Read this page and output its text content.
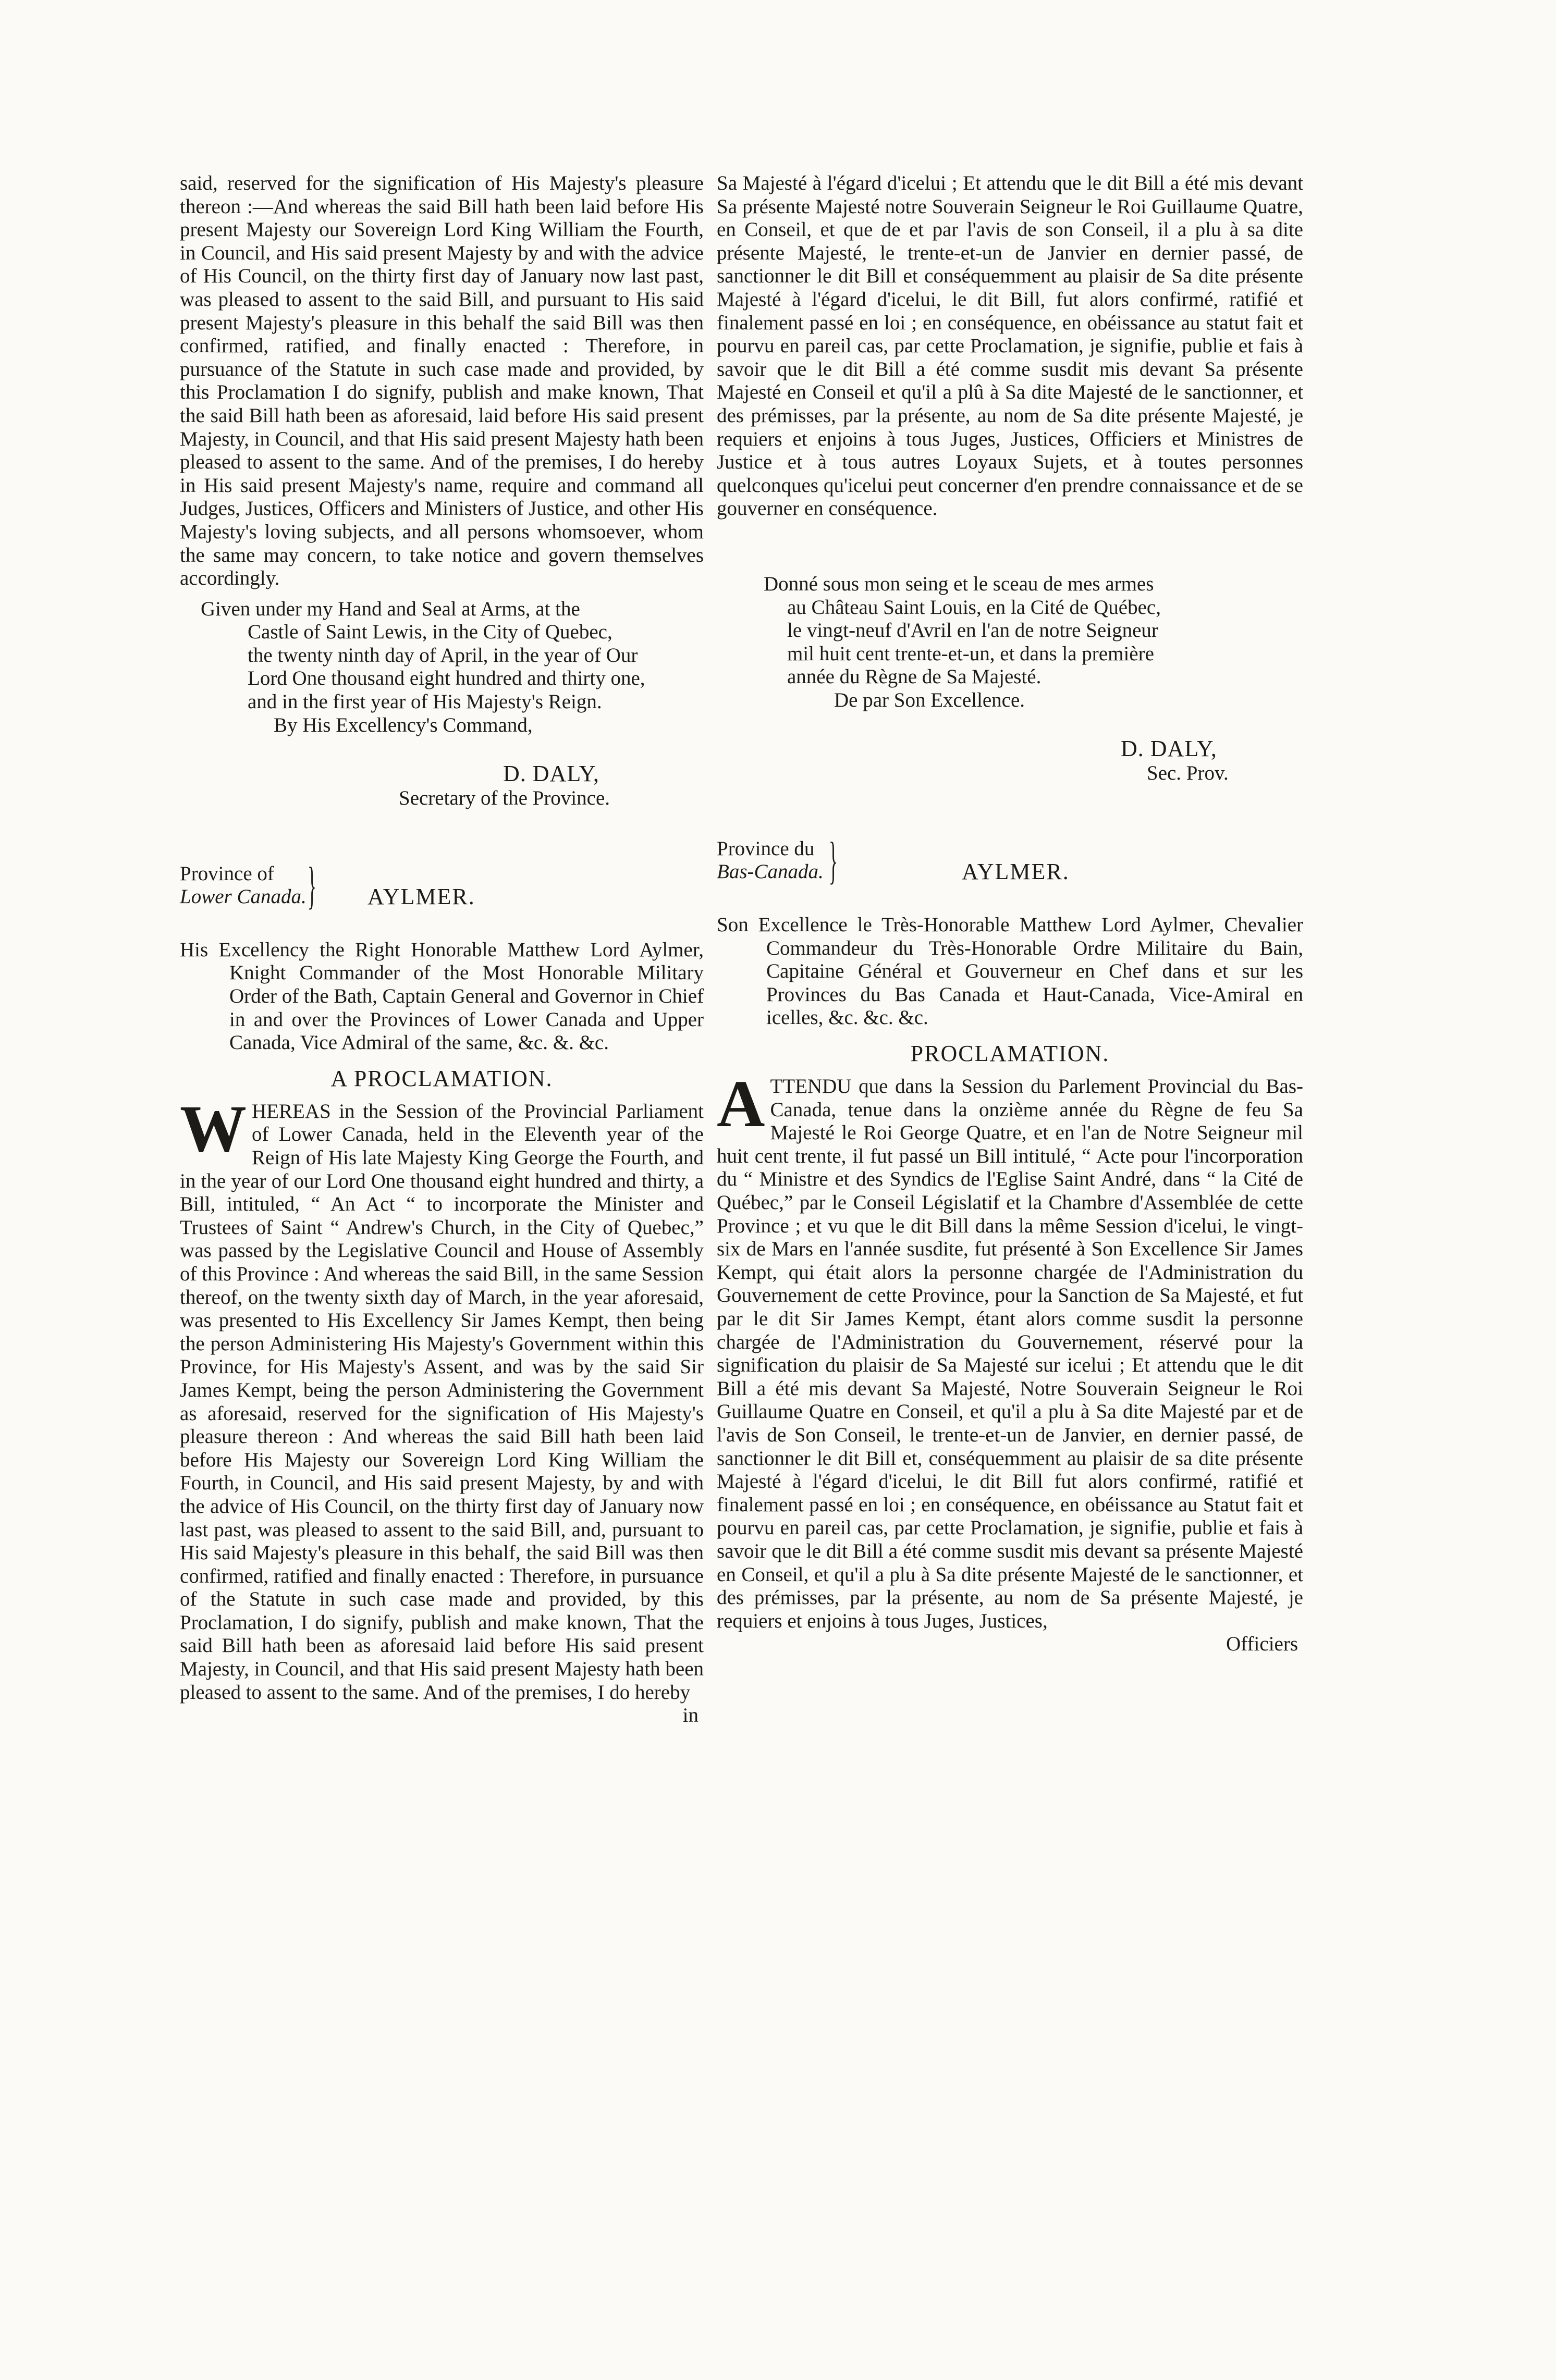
said, reserved for the signification of His Majesty's pleasure thereon :—And whereas the said Bill hath been laid before His present Majesty our Sovereign Lord King William the Fourth, in Council, and His said present Majesty by and with the advice of His Council, on the thirty first day of January now last past, was pleased to assent to the said Bill, and pursuant to His said present Majesty's pleasure in this behalf the said Bill was then confirmed, ratified, and finally enacted : Therefore, in pursuance of the Statute in such case made and provided, by this Proclamation I do signify, publish and make known, That the said Bill hath been as aforesaid, laid before His said present Majesty, in Council, and that His said present Majesty hath been pleased to assent to the same. And of the premises, I do hereby in His said present Majesty's name, require and command all Judges, Justices, Officers and Ministers of Justice, and other His Majesty's loving subjects, and all persons whomsoever, whom the same may concern, to take notice and govern themselves accordingly.

Given under my Hand and Seal at Arms, at the
Castle of Saint Lewis, in the City of Quebec,
the twenty ninth day of April, in the year of Our
Lord One thousand eight hundred and thirty one,
and in the first year of His Majesty's Reign.
By His Excellency's Command,
D. DALY,
Secretary of the Province.
Province of
Lower Canada. } AYLMER.

His Excellency the Right Honorable Matthew Lord Aylmer, Knight Commander of the Most Honorable Military Order of the Bath, Captain General and Governor in Chief in and over the Provinces of Lower Canada and Upper Canada, Vice Admiral of the same, &c. &. &c.

A PROCLAMATION.
W HEREAS in the Session of the Provincial Parliament of Lower Canada, held in the Eleventh year of the Reign of His late Majesty King George the Fourth, and in the year of our Lord One thousand eight hundred and thirty, a Bill, intituled, “ An Act “ to incorporate the Minister and Trustees of Saint “ Andrew's Church, in the City of Quebec,” was passed by the Legislative Council and House of Assembly of this Province : And whereas the said Bill, in the same Session thereof, on the twenty sixth day of March, in the year aforesaid, was presented to His Excellency Sir James Kempt, then being the person Administering His Majesty's Government within this Province, for His Majesty's Assent, and was by the said Sir James Kempt, being the person Administering the Government as aforesaid, reserved for the signification of His Majesty's pleasure thereon : And whereas the said Bill hath been laid before His Majesty our Sovereign Lord King William the Fourth, in Council, and His said present Majesty, by and with the advice of His Council, on the thirty first day of January now last past, was pleased to assent to the said Bill, and, pursuant to His said Majesty's pleasure in this behalf, the said Bill was then confirmed, ratified and finally enacted : Therefore, in pursuance of the Statute in such case made and provided, by this Proclamation, I do signify, publish and make known, That the said Bill hath been as aforesaid laid before His said present Majesty, in Council, and that His said present Majesty hath been pleased to assent to the same. And of the premises, I do hereby
in

Sa Majesté à l'égard d'icelui ; Et attendu que le dit Bill a été mis devant Sa présente Majesté notre Souverain Seigneur le Roi Guillaume Quatre, en Conseil, et que de et par l'avis de son Conseil, il a plu à sa dite présente Majesté, le trente-et-un de Janvier en dernier passé, de sanctionner le dit Bill et conséquemment au plaisir de Sa dite présente Majesté à l'égard d'icelui, le dit Bill, fut alors confirmé, ratifié et finalement passé en loi ; en conséquence, en obéissance au statut fait et pourvu en pareil cas, par cette Proclamation, je signifie, publie et fais à savoir que le dit Bill a été comme susdit mis devant Sa présente Majesté en Conseil et qu'il a plû à Sa dite Majesté de le sanctionner, et des prémisses, par la présente, au nom de Sa dite présente Majesté, je requiers et enjoins à tous Juges, Justices, Officiers et Ministres de Justice et à tous autres Loyaux Sujets, et à toutes personnes quelconques qu'icelui peut concerner d'en prendre connaissance et de se gouverner en conséquence.

Donné sous mon seing et le sceau de mes armes
au Château Saint Louis, en la Cité de Québec,
le vingt-neuf d'Avril en l'an de notre Seigneur
mil huit cent trente-et-un, et dans la première
année du Règne de Sa Majesté.
De par Son Excellence.
D. DALY,
Sec. Prov.
Province du
Bas-Canada. }	AYLMER.

Son Excellence le Très-Honorable Matthew Lord Aylmer, Chevalier Commandeur du Très-Honorable Ordre Militaire du Bain, Capitaine Général et Gouverneur en Chef dans et sur les Provinces du Bas Canada et Haut-Canada, Vice-Amiral en icelles, &c. &c. &c.

PROCLAMATION.
A TTENDU que dans la Session du Parlement Provincial du Bas-Canada, tenue dans la onzième année du Règne de feu Sa Majesté le Roi George Quatre, et en l'an de Notre Seigneur mil huit cent trente, il fut passé un Bill intitulé, “ Acte pour l'incorporation du “ Ministre et des Syndics de l'Eglise Saint André, dans “ la Cité de Québec,” par le Conseil Législatif et la Chambre d'Assemblée de cette Province ; et vu que le dit Bill dans la même Session d'icelui, le vingt-six de Mars en l'année susdite, fut présenté à Son Excellence Sir James Kempt, qui était alors la personne chargée de l'Administration du Gouvernement de cette Province, pour la Sanction de Sa Majesté, et fut par le dit Sir James Kempt, étant alors comme susdit la personne chargée de l'Administration du Gouvernement, réservé pour la signification du plaisir de Sa Majesté sur icelui ; Et attendu que le dit Bill a été mis devant Sa Majesté, Notre Souverain Seigneur le Roi Guillaume Quatre en Conseil, et qu'il a plu à Sa dite Majesté par et de l'avis de Son Conseil, le trente-et-un de Janvier, en dernier passé, de sanctionner le dit Bill et, conséquemment au plaisir de sa dite présente Majesté à l'égard d'icelui, le dit Bill fut alors confirmé, ratifié et finalement passé en loi ; en conséquence, en obéissance au Statut fait et pourvu en pareil cas, par cette Proclamation, je signifie, publie et fais à savoir que le dit Bill a été comme susdit mis devant sa présente Majesté en Conseil, et qu'il a plu à Sa dite présente Majesté de le sanctionner, et des prémisses, par la présente, au nom de Sa présente Majesté, je requiers et enjoins à tous Juges, Justices,
Officiers
